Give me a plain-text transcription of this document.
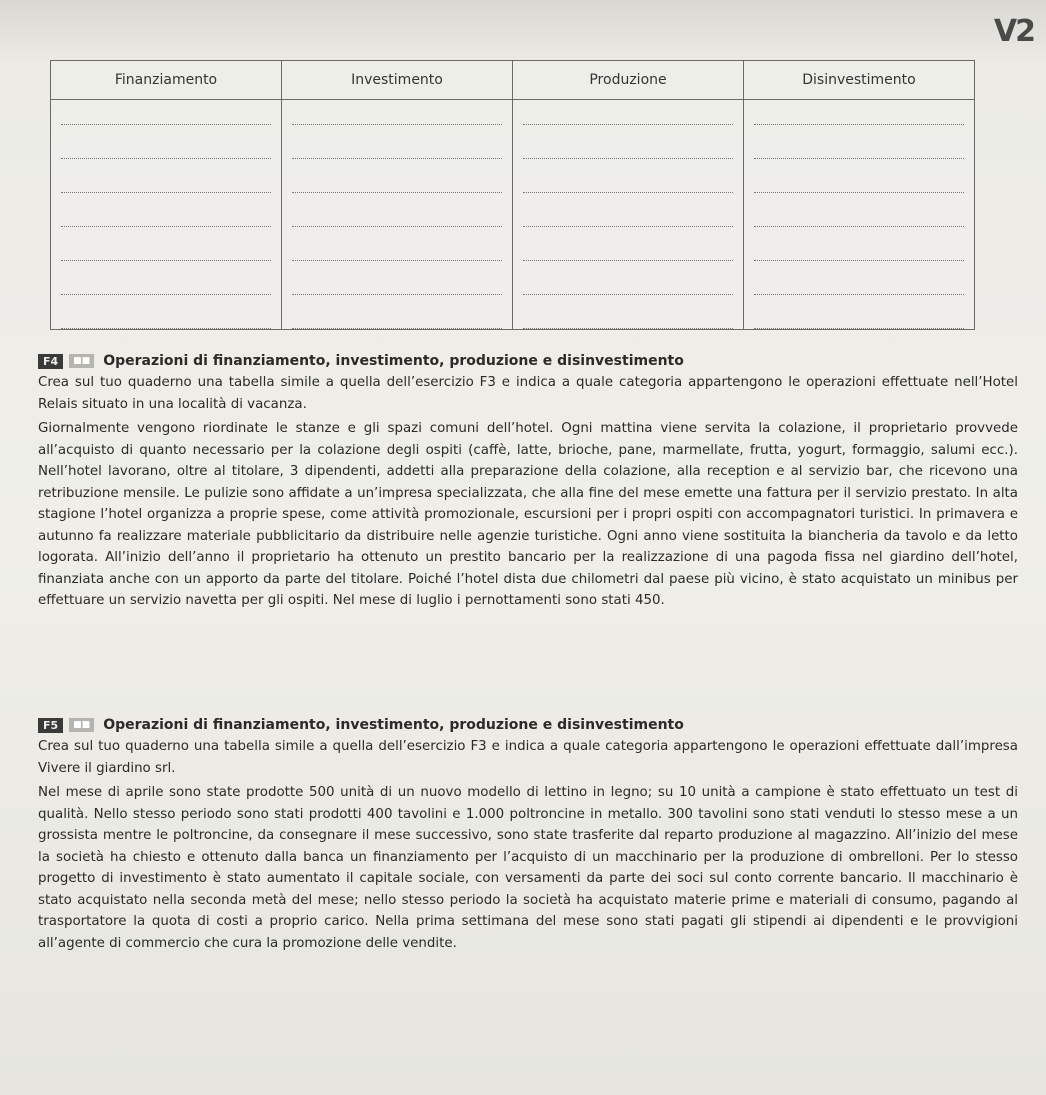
V2
Finanziamento	Investimento	Produzione	Disinvestimento

F4	■■ Operazioni di finanziamento, investimento, produzione e disinvestimento

Crea sul tuo quaderno una tabella simile a quella dell’esercizio F3 e indica a quale categoria appartengono le operazioni effettuate nell’Hotel Relais situato in una località di vacanza.

Giornalmente vengono riordinate le stanze e gli spazi comuni dell’hotel. Ogni mattina viene servita la colazione, il proprietario provvede all’acquisto di quanto necessario per la colazione degli ospiti (caffè, latte, brioche, pane, marmellate, frutta, yogurt, formaggio, salumi ecc.). Nell’hotel lavorano, oltre al titolare, 3 dipendenti, addetti alla preparazione della colazione, alla reception e al servizio bar, che ricevono una retribuzione mensile. Le pulizie sono affidate a un’impresa specializzata, che alla fine del mese emette una fattura per il servizio prestato. In alta stagione l’hotel organizza a proprie spese, come attività promozionale, escursioni per i propri ospiti con accompagnatori turistici. In primavera e autunno fa realizzare materiale pubblicitario da distribuire nelle agenzie turistiche. Ogni anno viene sostituita la biancheria da tavolo e da letto logorata. All’inizio dell’anno il proprietario ha ottenuto un prestito bancario per la realizzazione di una pagoda fissa nel giardino dell’hotel, finanziata anche con un apporto da parte del titolare. Poiché l’hotel dista due chilometri dal paese più vicino, è stato acquistato un minibus per effettuare un servizio navetta per gli ospiti. Nel mese di luglio i pernottamenti sono stati 450.

F5	■■ Operazioni di finanziamento, investimento, produzione e disinvestimento

Crea sul tuo quaderno una tabella simile a quella dell’esercizio F3 e indica a quale categoria appartengono le operazioni effettuate dall’impresa Vivere il giardino srl.

Nel mese di aprile sono state prodotte 500 unità di un nuovo modello di lettino in legno; su 10 unità a campione è stato effettuato un test di qualità. Nello stesso periodo sono stati prodotti 400 tavolini e 1.000 poltroncine in metallo. 300 tavolini sono stati venduti lo stesso mese a un grossista mentre le poltroncine, da consegnare il mese successivo, sono state trasferite dal reparto produzione al magazzino. All’inizio del mese la società ha chiesto e ottenuto dalla banca un finanziamento per l’acquisto di un macchinario per la produzione di ombrelloni. Per lo stesso progetto di investimento è stato aumentato il capitale sociale, con versamenti da parte dei soci sul conto corrente bancario. Il macchinario è stato acquistato nella seconda metà del mese; nello stesso periodo la società ha acquistato materie prime e materiali di consumo, pagando al trasportatore la quota di costi a proprio carico. Nella prima settimana del mese sono stati pagati gli stipendi ai dipendenti e le provvigioni all’agente di commercio che cura la promozione delle vendite.
